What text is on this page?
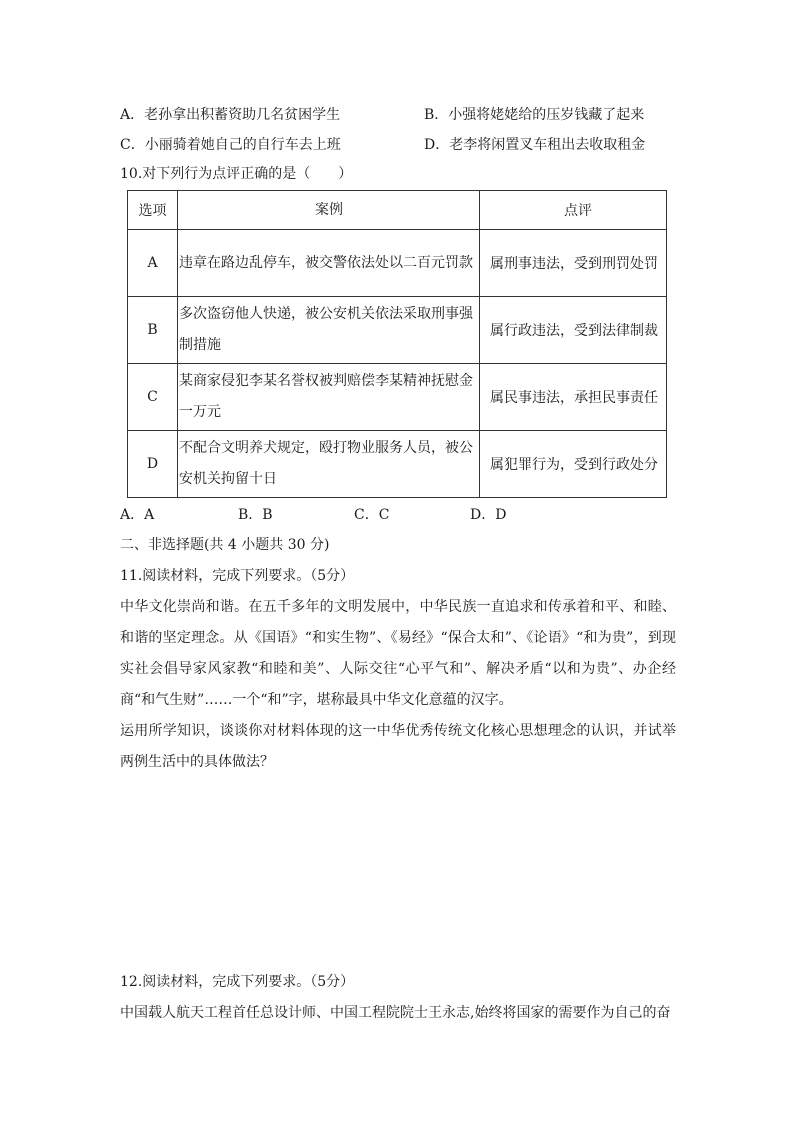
A．老孙拿出积蓄资助几名贫困学生	B．小强将姥姥给的压岁钱藏了起来
C．小丽骑着她自己的自行车去上班	D．老李将闲置叉车租出去收取租金
10.对下列行为点评正确的是（　　）
选项	案例	点评
A	违章在路边乱停车，被交警依法处以二百元罚款	属刑事违法，受到刑罚处罚
B	多次盗窃他人快递，被公安机关依法采取刑事强制措施	属行政违法，受到法律制裁
C	某商家侵犯李某名誉权被判赔偿李某精神抚慰金一万元	属民事违法，承担民事责任
D	不配合文明养犬规定，殴打物业服务人员，被公安机关拘留十日	属犯罪行为，受到行政处分
A．A	B．B	C．C	D．D
二、非选择题(共 4 小题共 30 分)
11.阅读材料，完成下列要求。（5分）
中华文化崇尚和谐。在五千多年的文明发展中，中华民族一直追求和传承着和平、和睦、和谐的坚定理念。从《国语》“和实生物”、《易经》“保合太和”、《论语》“和为贵”，到现实社会倡导家风家教“和睦和美”、人际交往“心平气和”、解决矛盾“以和为贵”、办企经商“和气生财”……一个“和”字，堪称最具中华文化意蕴的汉字。
运用所学知识，谈谈你对材料体现的这一中华优秀传统文化核心思想理念的认识，并试举两例生活中的具体做法？
12.阅读材料，完成下列要求。（5分）
中国载人航天工程首任总设计师、中国工程院院士王永志,始终将国家的需要作为自己的奋
